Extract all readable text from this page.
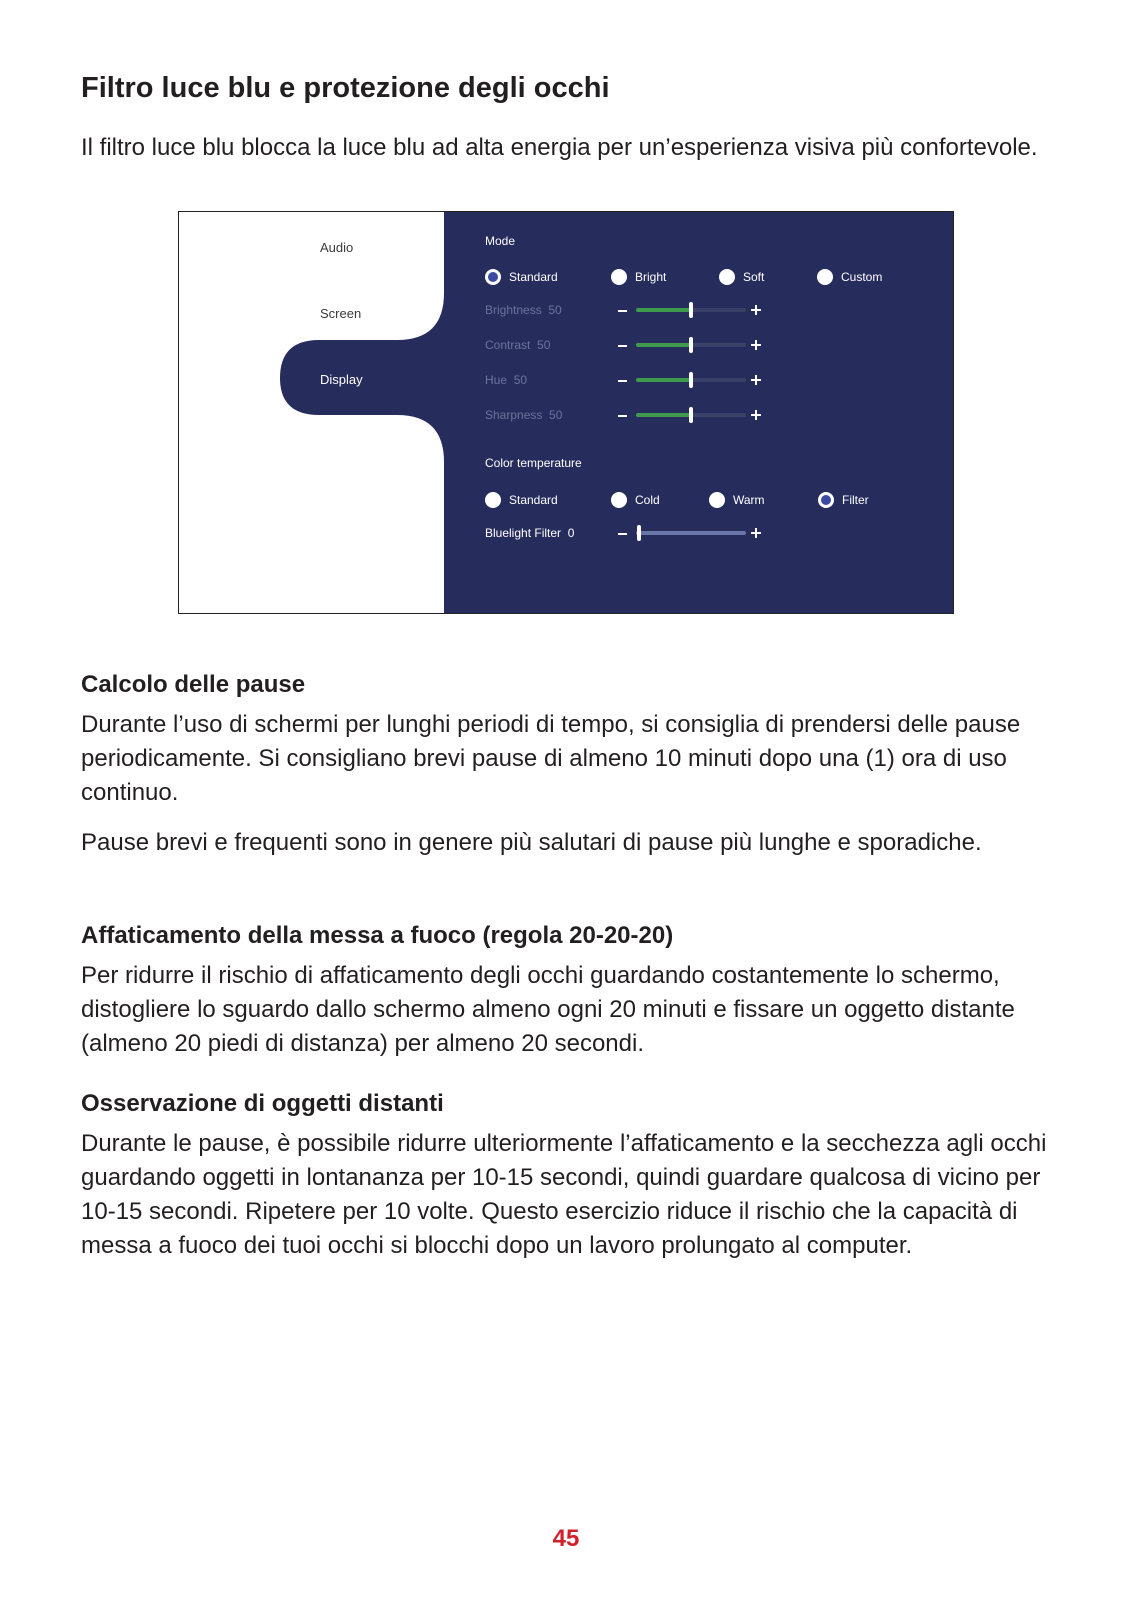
Filtro luce blu e protezione degli occhi

Il filtro luce blu blocca la luce blu ad alta energia per un’esperienza visiva più confortevole.

Audio
Screen
Display
Mode
Standard	Bright	Soft	Custom
Brightness 50
Contrast 50
Hue 50
Sharpness 50
Color temperature
Standard	Cold	Warm	Filter
Bluelight Filter 0
Calcolo delle pause

Durante l’uso di schermi per lunghi periodi di tempo, si consiglia di prendersi delle pause periodicamente. Si consigliano brevi pause di almeno 10 minuti dopo una (1) ora di uso continuo.

Pause brevi e frequenti sono in genere più salutari di pause più lunghe e sporadiche.

Affaticamento della messa a fuoco (regola 20-20-20)

Per ridurre il rischio di affaticamento degli occhi guardando costantemente lo schermo, distogliere lo sguardo dallo schermo almeno ogni 20 minuti e fissare un oggetto distante (almeno 20 piedi di distanza) per almeno 20 secondi.

Osservazione di oggetti distanti

Durante le pause, è possibile ridurre ulteriormente l’affaticamento e la secchezza agli occhi guardando oggetti in lontananza per 10-15 secondi, quindi guardare qualcosa di vicino per 10-15 secondi. Ripetere per 10 volte. Questo esercizio riduce il rischio che la capacità di messa a fuoco dei tuoi occhi si blocchi dopo un lavoro prolungato al computer.

45
